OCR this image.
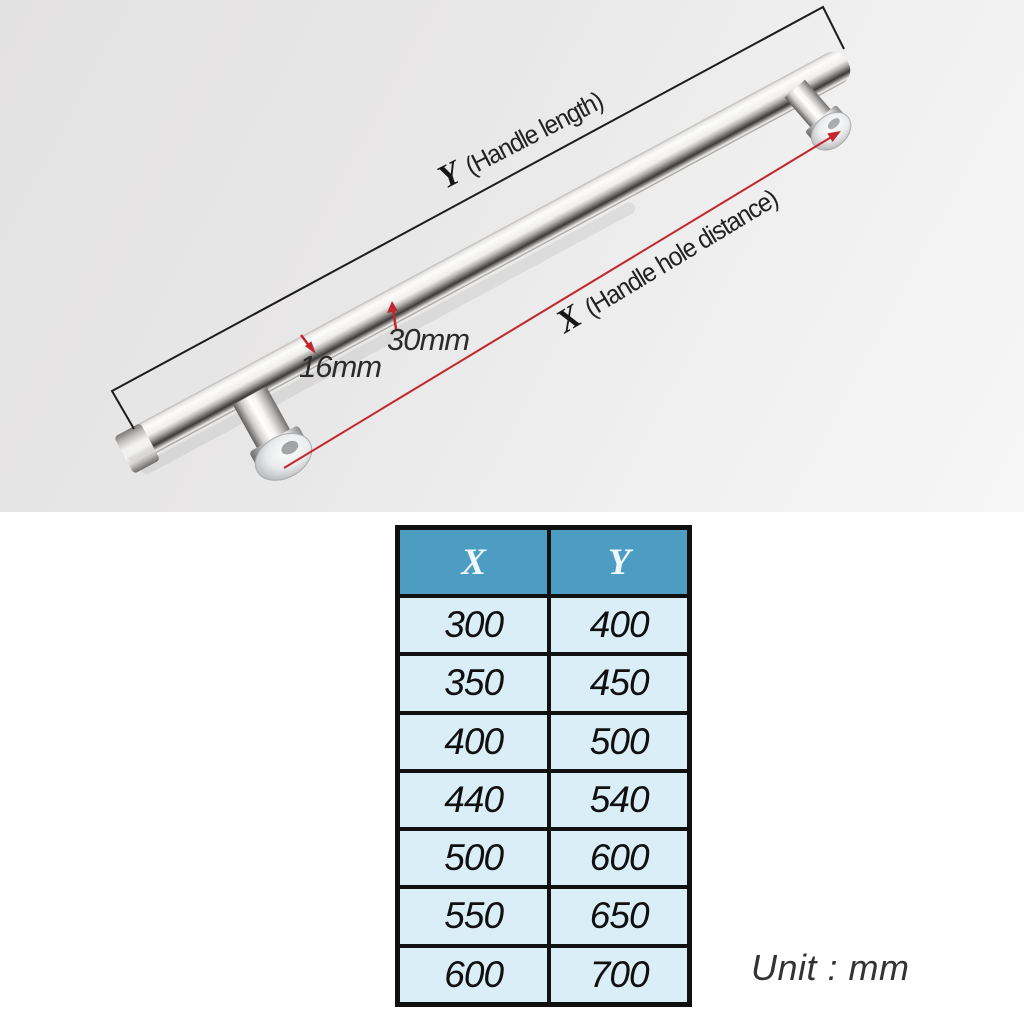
Y
(Handle length)
X
(Handle hole distance)
30mm
16mm
X	Y
300	400
350	450
400	500
440	540
500	600
550	650
600	700	Unit : mm
